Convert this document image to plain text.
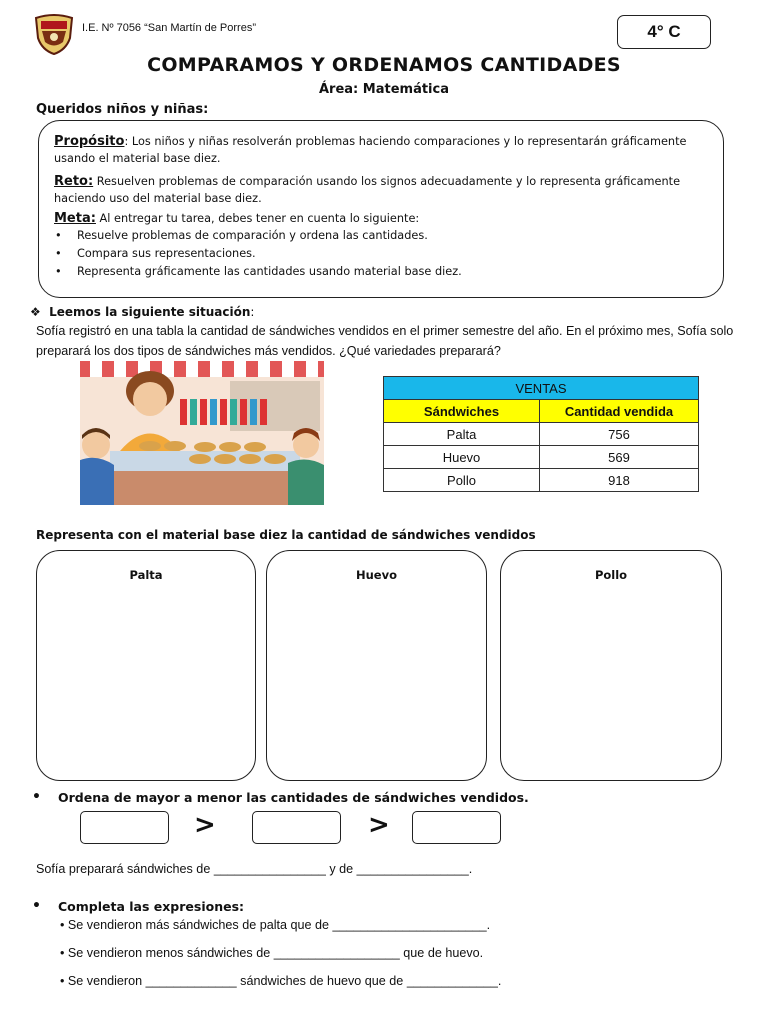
I.E. Nº 7056 “San Martín de Porres”	4° C
COMPARAMOS Y ORDENAMOS CANTIDADES
Área: Matemática
Queridos niños y niñas:
Propósito: Los niños y niñas resolverán problemas haciendo comparaciones y lo representarán gráficamente usando el material base diez.
Reto: Resuelven problemas de comparación usando los signos adecuadamente y lo representa gráficamente haciendo uso del material base diez.
Meta: Al entregar tu tarea, debes tener en cuenta lo siguiente:
• Resuelve problemas de comparación y ordena las cantidades.
• Compara sus representaciones.
• Representa gráficamente las cantidades usando material base diez.
❖ Leemos la siguiente situación:
Sofía registró en una tabla la cantidad de sándwiches vendidos en el primer semestre del año. En el próximo mes, Sofía solo preparará los dos tipos de sándwiches más vendidos. ¿Qué variedades preparará?
VENTAS	
Sándwiches	Cantidad vendida
Palta	756
Huevo	569
Pollo	918
Representa con el material base diez la cantidad de sándwiches vendidos
Palta	Huevo	Pollo
• Ordena de mayor a menor las cantidades de sándwiches vendidos.
>	>
Sofía preparará sándwiches de ________________ y de ________________.
• Completa las expresiones:
• Se vendieron más sándwiches de palta que de ______________________.
• Se vendieron menos sándwiches de __________________ que de huevo.
• Se vendieron _____________ sándwiches de huevo que de _____________.
